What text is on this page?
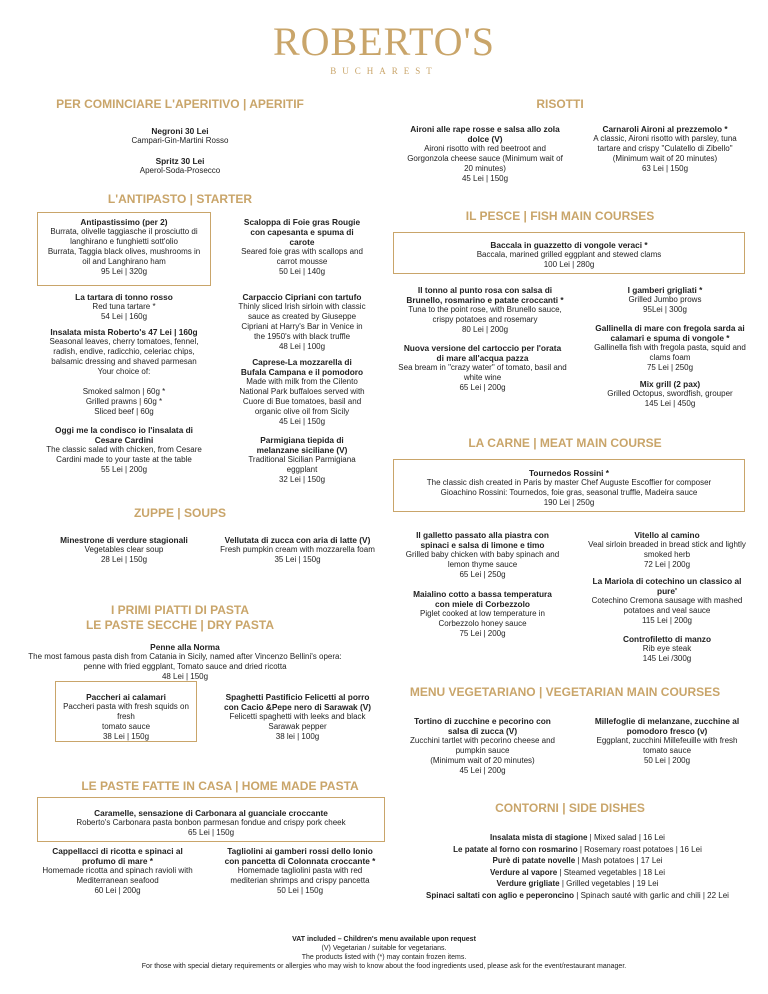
ROBERTO'S
BUCHAREST
PER COMINCIARE L'APERITIVO | APERITIF
Negroni 30 Lei
Campari-Gin-Martini Rosso
Spritz 30 Lei
Aperol-Soda-Prosecco
L'ANTIPASTO | STARTER
Antipastissimo (per 2)
Burrata, olivelle taggiasche il prosciutto di
langhirano e funghietti sott'olio
Burrata, Taggia black olives, mushrooms in
oil and Langhirano ham
95 Lei | 320g
Scaloppa di Foie gras Rougie
con capesanta e spuma di
carote
Seared foie gras with scallops and
carrot mousse
50 Lei | 140g
La tartara di tonno rosso
Red tuna tartare *
54 Lei | 160g
Carpaccio Cipriani con tartufo
Thinly sliced Irish sirloin with classic
sauce as created by Giuseppe
Cipriani at Harry's Bar in Venice in
the 1950's with black truffle
48 Lei | 100g
Insalata mista Roberto's 47 Lei | 160g
Seasonal leaves, cherry tomatoes, fennel,
radish, endive, radicchio, celeriac chips,
balsamic dressing and shaved parmesan
Your choice of:
Smoked salmon | 60g *
Grilled prawns | 60g *
Sliced beef | 60g
Caprese-La mozzarella di
Bufala Campana e il pomodoro
Made with milk from the Cilento
National Park buffaloes served with
Cuore di Bue tomatoes, basil and
organic olive oil from Sicily
45 Lei | 150g
Oggi me la condisco io l'insalata di
Cesare Cardini
The classic salad with chicken, from Cesare
Cardini made to your taste at the table
55 Lei | 200g
Parmigiana tiepida di
melanzane siciliane (V)
Traditional Sicilian Parmigiana
eggplant
32 Lei | 150g
ZUPPE | SOUPS
Minestrone di verdure stagionali
Vegetables clear soup
28 Lei | 150g
Vellutata di zucca con aria di latte (V)
Fresh pumpkin cream with mozzarella foam
35 Lei | 150g
I PRIMI PIATTI DI PASTA
LE PASTE SECCHE | DRY PASTA
Penne alla Norma
The most famous pasta dish from Catania in Sicily, named after Vincenzo Bellini's opera:
penne with fried eggplant, Tomato sauce and dried ricotta
48 Lei | 150g
Paccheri ai calamari
Paccheri pasta with fresh squids on fresh
tomato sauce
38 Lei | 150g
Spaghetti Pastificio Felicetti al porro
con Cacio &Pepe nero di Sarawak (V)
Felicetti spaghetti with leeks and black
Sarawak pepper
38 lei | 100g
LE PASTE FATTE IN CASA | HOME MADE PASTA
Caramelle, sensazione di Carbonara al guanciale croccante
Roberto's Carbonara pasta bonbon parmesan fondue and crispy pork cheek
65 Lei | 150g
Cappellacci di ricotta e spinaci al
profumo di mare *
Homemade ricotta and spinach ravioli with
Mediterranean seafood
60 Lei | 200g
Tagliolini ai gamberi rossi dello Ionio
con pancetta di Colonnata croccante *
Homemade tagliolini pasta with red
mediterian shrimps and crispy pancetta
50 Lei | 150g
RISOTTI
Aironi alle rape rosse e salsa allo zola
dolce (V)
Aironi risotto with red beetroot and
Gorgonzola cheese sauce (Minimum wait of
20 minutes)
45 Lei | 150g
Carnaroli Aironi al prezzemolo *
A classic, Aironi risotto with parsley, tuna
tartare and crispy "Culatello di Zibello"
(Minimum wait of 20 minutes)
63 Lei | 150g
IL PESCE | FISH MAIN COURSES
Baccala in guazzetto di vongole veraci *
Baccala, marined grilled eggplant and stewed clams
100 Lei | 280g
Il tonno al punto rosa con salsa di
Brunello, rosmarino e patate croccanti *
Tuna to the point rose, with Brunello sauce,
crispy potatoes and rosemary
80 Lei | 200g
I gamberi grigliati *
Grilled Jumbo prows
95Lei | 300g
Gallinella di mare con fregola sarda ai
calamari e spuma di vongole *
Gallinella fish with fregola pasta, squid and
clams foam
75 Lei | 250g
Nuova versione del cartoccio per l'orata
di mare all'acqua pazza
Sea bream in "crazy water" of tomato, basil and
white wine
65 Lei | 200g	Mix grill (2 pax)
Grilled Octopus, swordfish, grouper
145 Lei | 450g
LA CARNE | MEAT MAIN COURSE
Tournedos Rossini *
The classic dish created in Paris by master Chef Auguste Escoffier for composer
Gioachino Rossini: Tournedos, foie gras, seasonal truffle, Madeira sauce
190 Lei | 250g
Il galletto passato alla piastra con
spinaci e salsa di limone e timo
Grilled baby chicken with baby spinach and
lemon thyme sauce
65 Lei | 250g
Vitello al camino
Veal sirloin breaded in bread stick and lightly
smoked herb
72 Lei | 200g
La Mariola di cotechino un classico al
pure'
Cotechino Cremona sausage with mashed
potatoes and veal sauce
115 Lei | 200g
Maialino cotto a bassa temperatura
con miele di Corbezzolo
Piglet cooked at low temperature in
Corbezzolo honey sauce
75 Lei | 200g
Controfiletto di manzo
Rib eye steak
145 Lei /300g
MENU VEGETARIANO | VEGETARIAN MAIN COURSES
Tortino di zucchine e pecorino con
salsa di zucca (V)
Zucchini tartlet with pecorino cheese and
pumpkin sauce
(Minimum wait of 20 minutes)
45 Lei | 200g
Millefoglie di melanzane, zucchine al
pomodoro fresco (v)
Eggplant, zucchini Millefeuille with fresh
tomato sauce
50 Lei | 200g
CONTORNI | SIDE DISHES
Insalata mista di stagione | Mixed salad | 16 Lei
Le patate al forno con rosmarino | Rosemary roast potatoes | 16 Lei
Purè di patate novelle | Mash potatoes | 17 Lei
Verdure al vapore | Steamed vegetables | 18 Lei
Verdure grigliate | Grilled vegetables | 19 Lei
Spinaci saltati con aglio e peperoncino | Spinach sauté with garlic and chili | 22 Lei
VAT included – Children's menu available upon request
(V) Vegetarian / suitable for vegetarians.
The products listed with (*) may contain frozen items.
For those with special dietary requirements or allergies who may wish to know about the food ingredients used, please ask for the event/restaurant manager.
